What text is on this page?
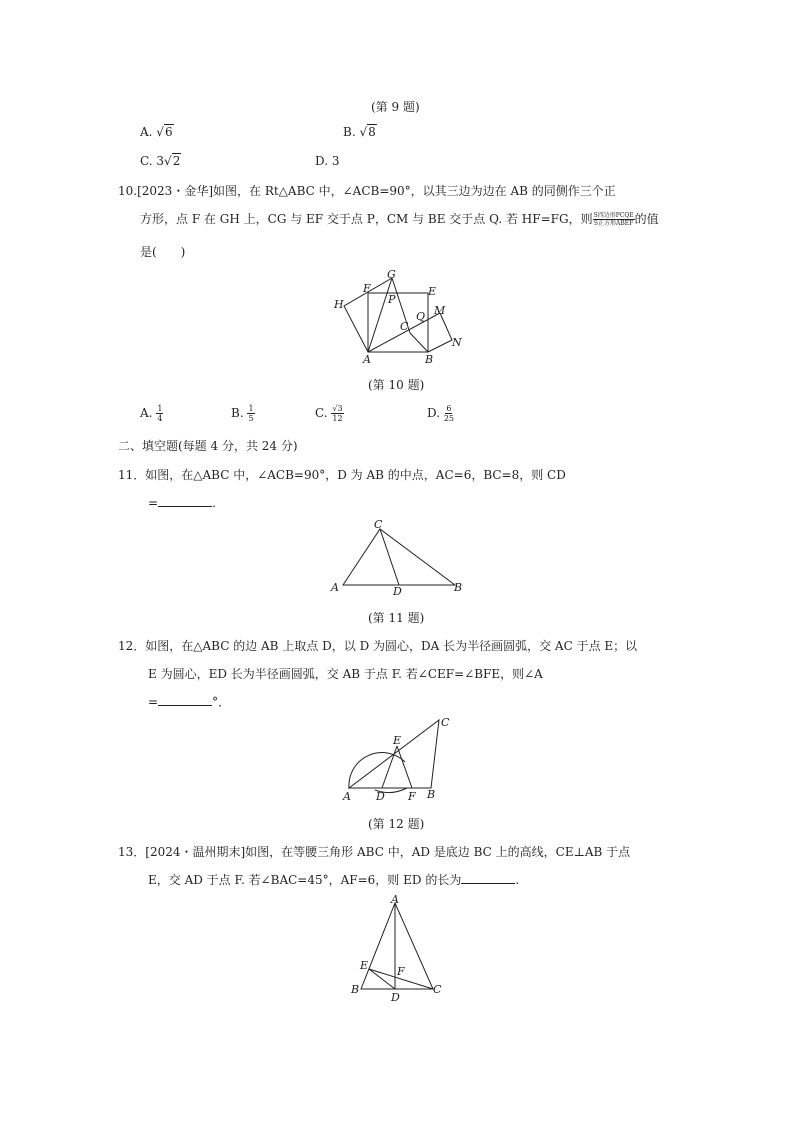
(第 9 题)
A. √6	B. √8
C. 3√2	D. 3
10.[2023・金华]如图，在 Rt△ABC 中，∠ACB=90°，以其三边为边在 AB 的同侧作三个正
方形，点 F 在 GH 上，CG 与 EF 交于点 P，CM 与 BE 交于点 Q. 若 HF=FG，则 $\frac{\text{S四边形PCQE}}{\text{S正方形ABEF}}$ 的值
是(　　)
G
F	E
P
H	M
Q
C
A	B
N
(第 10 题)
A. $\frac{1}{4}$	B. $\frac{1}{5}$	C. $\frac{√3}{12}$	D. $\frac{6}{25}$
二、填空题(每题 4 分，共 24 分)
11．如图，在△ABC 中，∠ACB=90°，D 为 AB 的中点，AC=6，BC=8，则 CD
=	.
C
A	D	B
(第 11 题)
12．如图，在△ABC 的边 AB 上取点 D，以 D 为圆心，DA 长为半径画圆弧，交 AC 于点 E；以
E 为圆心，ED 长为半径画圆弧，交 AB 于点 F. 若∠CEF=∠BFE，则∠A
=	°．
C
E
A D F B
(第 12 题)
13．[2024・温州期末]如图，在等腰三角形 ABC 中，AD 是底边 BC 上的高线，CE⊥AB 于点
E，交 AD 于点 F. 若∠BAC=45°，AF=6，则 ED 的长为	.
A
E	F
B
D
C
